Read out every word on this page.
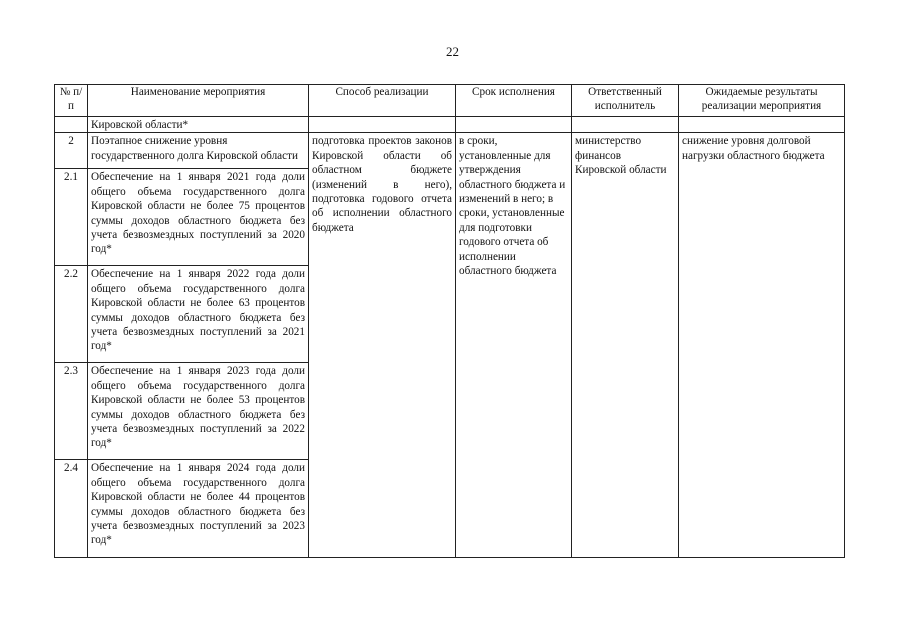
22
№ п/п	Наименование мероприятия	Способ реализации	Срок исполнения	Ответственный исполнитель	Ожидаемые результаты реализации мероприятия
	Кировской области*				
2	Поэтапное снижение уровня государственного долга Кировской области	подготовка проектов законов Кировской области об областном бюджете (изменений в него), подготовка годового отчета об исполнении областного бюджета	в сроки, установленные для утверждения областного бюджета и изменений в него; в сроки, установленные для подготовки годового отчета об исполнении областного бюджета	министерство финансов Кировской области	снижение уровня долговой нагрузки областного бюджета
2.1	Обеспечение на 1 января 2021 года доли общего объема государственного долга Кировской области не более 75 процентов суммы доходов областного бюджета без учета безвозмездных поступлений за 2020 год*				
2.2	Обеспечение на 1 января 2022 года доли общего объема государственного долга Кировской области не более 63 процентов суммы доходов областного бюджета без учета безвозмездных поступлений за 2021 год*				
2.3	Обеспечение на 1 января 2023 года доли общего объема государственного долга Кировской области не более 53 процентов суммы доходов областного бюджета без учета безвозмездных поступлений за 2022 год*				
2.4	Обеспечение на 1 января 2024 года доли общего объема государственного долга Кировской области не более 44 процентов суммы доходов областного бюджета без учета безвозмездных поступлений за 2023 год*				
